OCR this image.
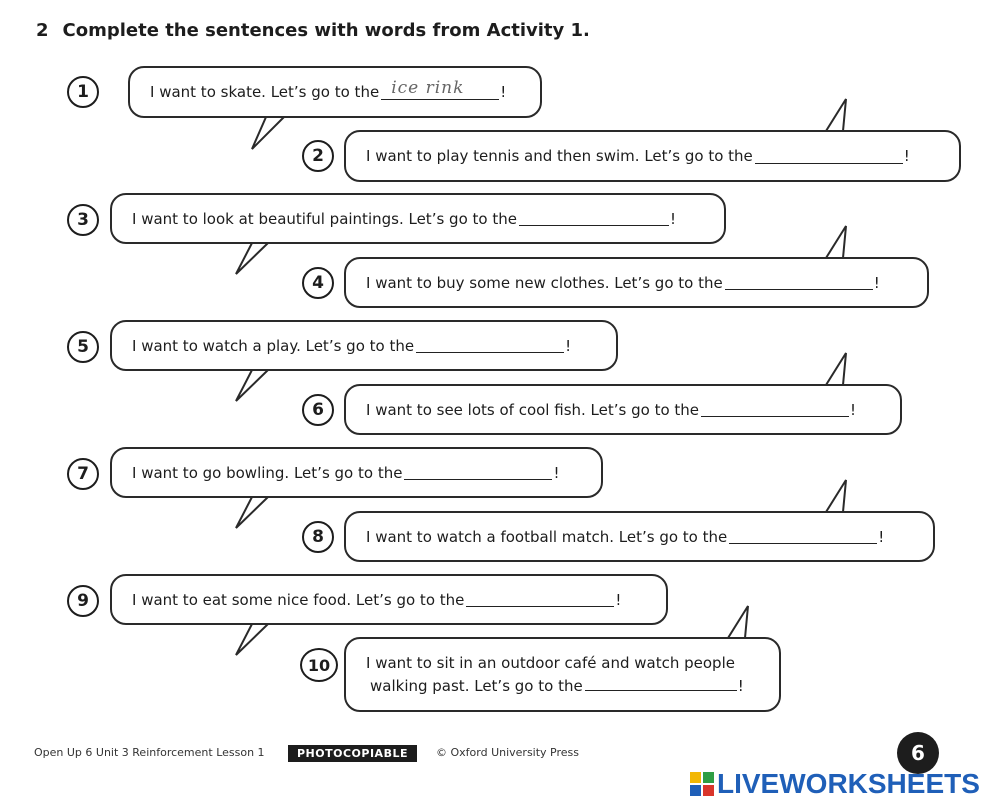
2 Complete the sentences with words from Activity 1.
1	I want to skate. Let’s go to the ice rink !
2	I want to play tennis and then swim. Let’s go to the	!
3	I want to look at beautiful paintings. Let’s go to the	!
4	I want to buy some new clothes. Let’s go to the	!
5	I want to watch a play. Let’s go to the	!
6	I want to see lots of cool fish. Let’s go to the	!
7	I want to go bowling. Let’s go to the	!
8	I want to watch a football match. Let’s go to the	!
9	I want to eat some nice food. Let’s go to the	!
10	I want to sit in an outdoor café and watch people
walking past. Let’s go to the	!
Open Up 6 Unit 3 Reinforcement Lesson 1	PHOTOCOPIABLE	© Oxford University Press	6
LIVEWORKSHEETS
